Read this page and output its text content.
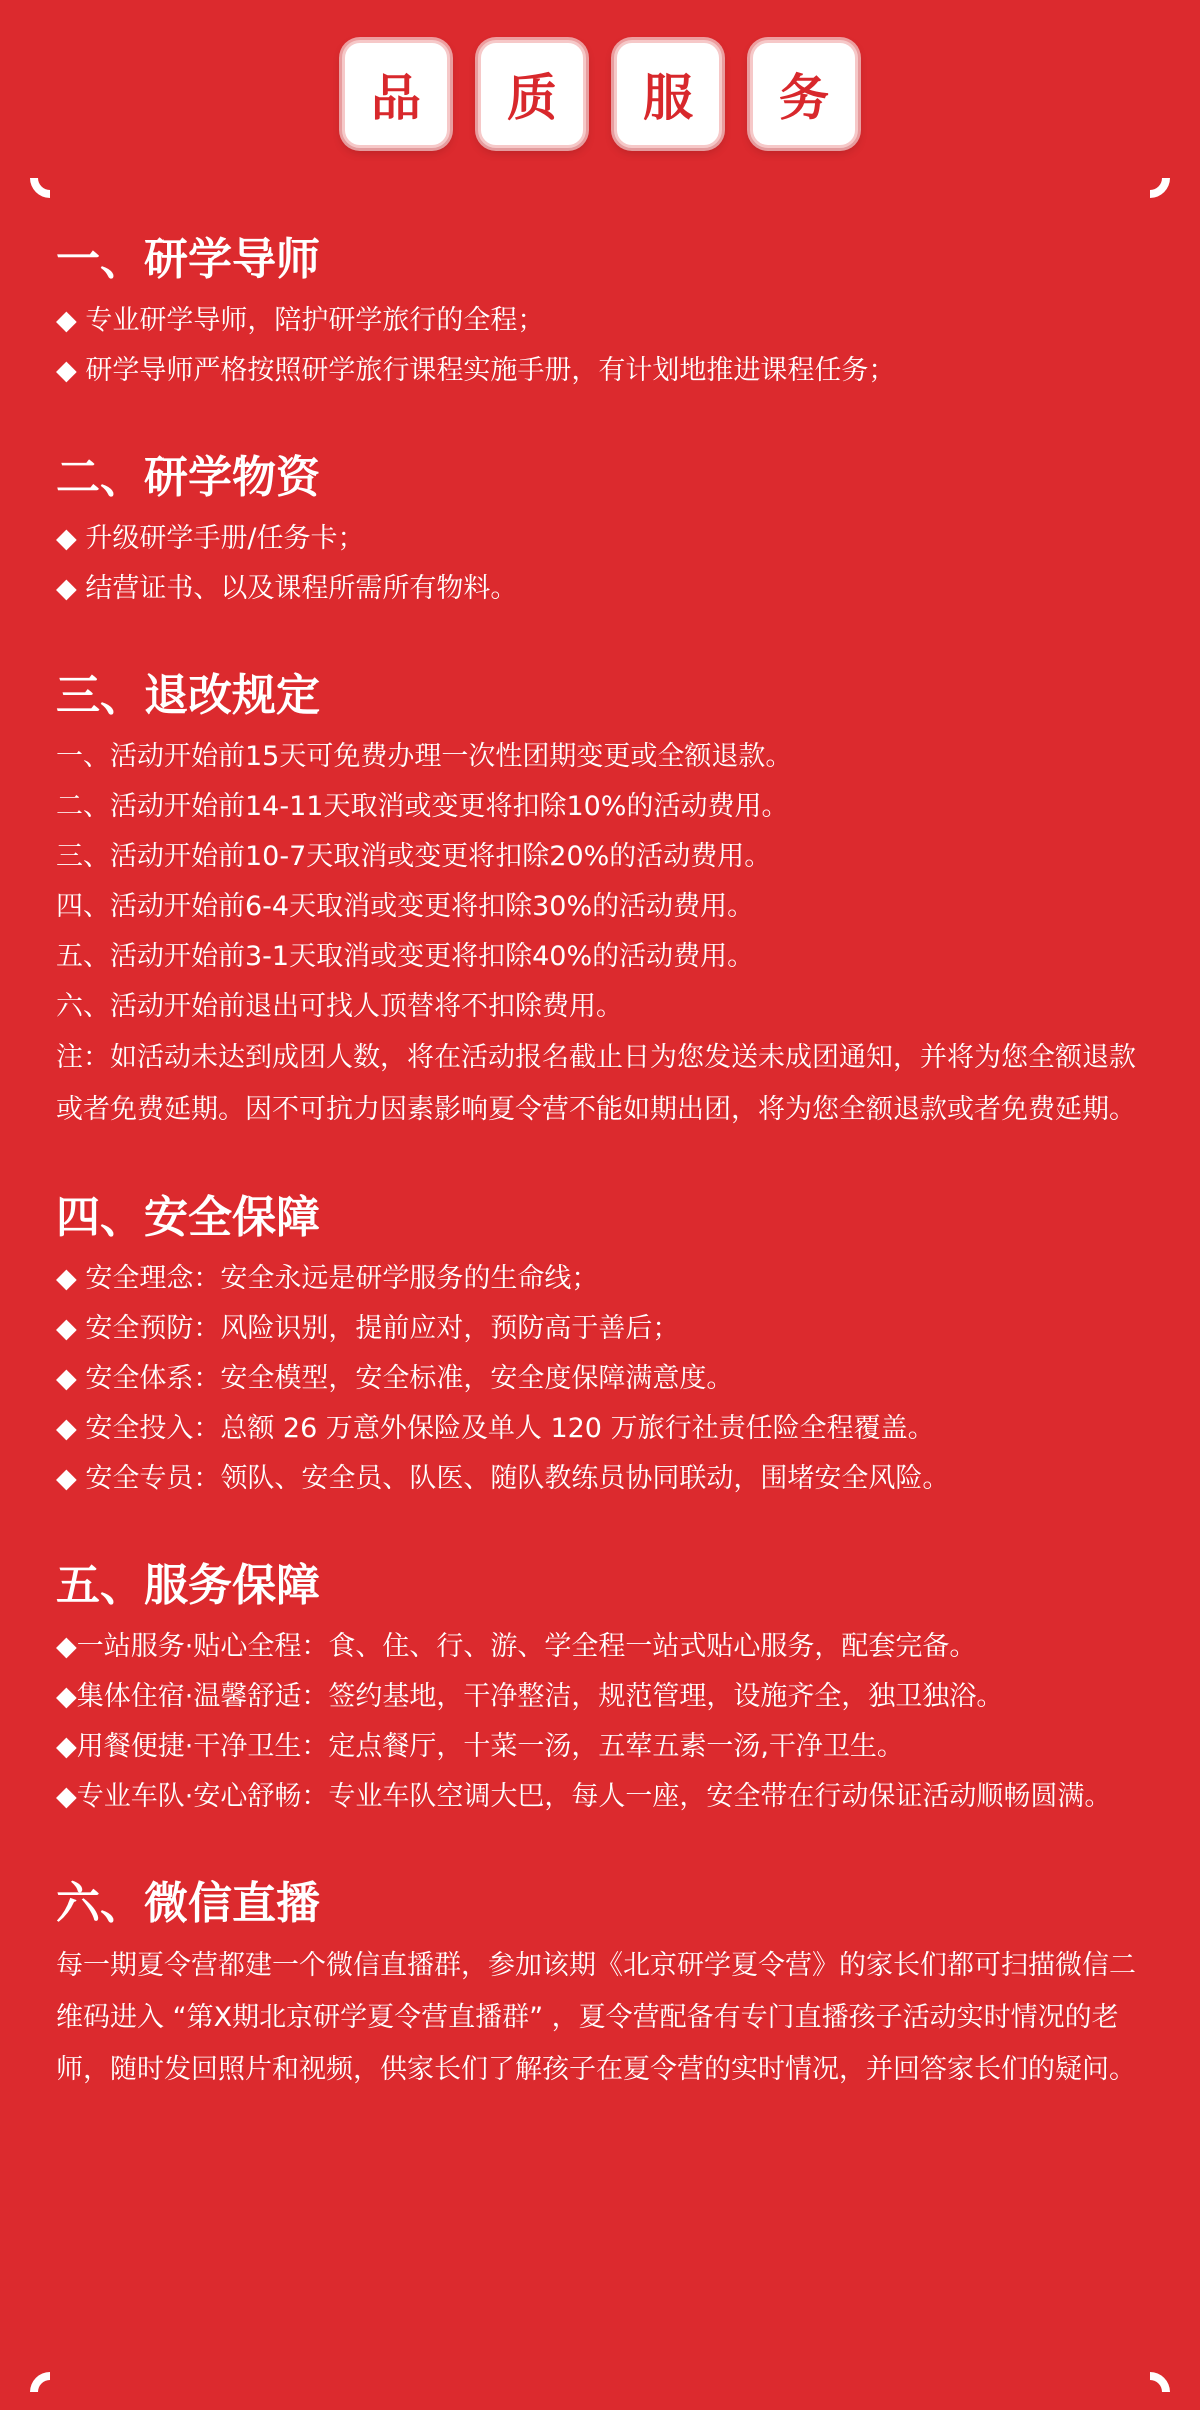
品 质 服 务
一、研学导师

◆ 专业研学导师，陪护研学旅行的全程；

◆ 研学导师严格按照研学旅行课程实施手册，有计划地推进课程任务；

二、研学物资

◆ 升级研学手册/任务卡；

◆ 结营证书、以及课程所需所有物料。

三、退改规定

一、活动开始前15天可免费办理一次性团期变更或全额退款。

二、活动开始前14-11天取消或变更将扣除10%的活动费用。

三、活动开始前10-7天取消或变更将扣除20%的活动费用。

四、活动开始前6-4天取消或变更将扣除30%的活动费用。

五、活动开始前3-1天取消或变更将扣除40%的活动费用。

六、活动开始前退出可找人顶替将不扣除费用。

注：如活动未达到成团人数，将在活动报名截止日为您发送未成团通知，并将为您全额退款或者免费延期。因不可抗力因素影响夏令营不能如期出团，将为您全额退款或者免费延期。

四、安全保障

◆ 安全理念：安全永远是研学服务的生命线；

◆ 安全预防：风险识别，提前应对，预防高于善后；

◆ 安全体系：安全模型，安全标准，安全度保障满意度。

◆ 安全投入：总额 26 万意外保险及单人 120 万旅行社责任险全程覆盖。

◆ 安全专员：领队、安全员、队医、随队教练员协同联动，围堵安全风险。

五、服务保障

◆一站服务·贴心全程：食、住、行、游、学全程一站式贴心服务，配套完备。

◆集体住宿·温馨舒适：签约基地，干净整洁，规范管理，设施齐全，独卫独浴。

◆用餐便捷·干净卫生：定点餐厅，十菜一汤，五荤五素一汤,干净卫生。

◆专业车队·安心舒畅：专业车队空调大巴，每人一座，安全带在行动保证活动顺畅圆满。

六、微信直播

每一期夏令营都建一个微信直播群，参加该期《北京研学夏令营》的家长们都可扫描微信二维码进入 “第X期北京研学夏令营直播群” ，夏令营配备有专门直播孩子活动实时情况的老师，随时发回照片和视频，供家长们了解孩子在夏令营的实时情况，并回答家长们的疑问。
